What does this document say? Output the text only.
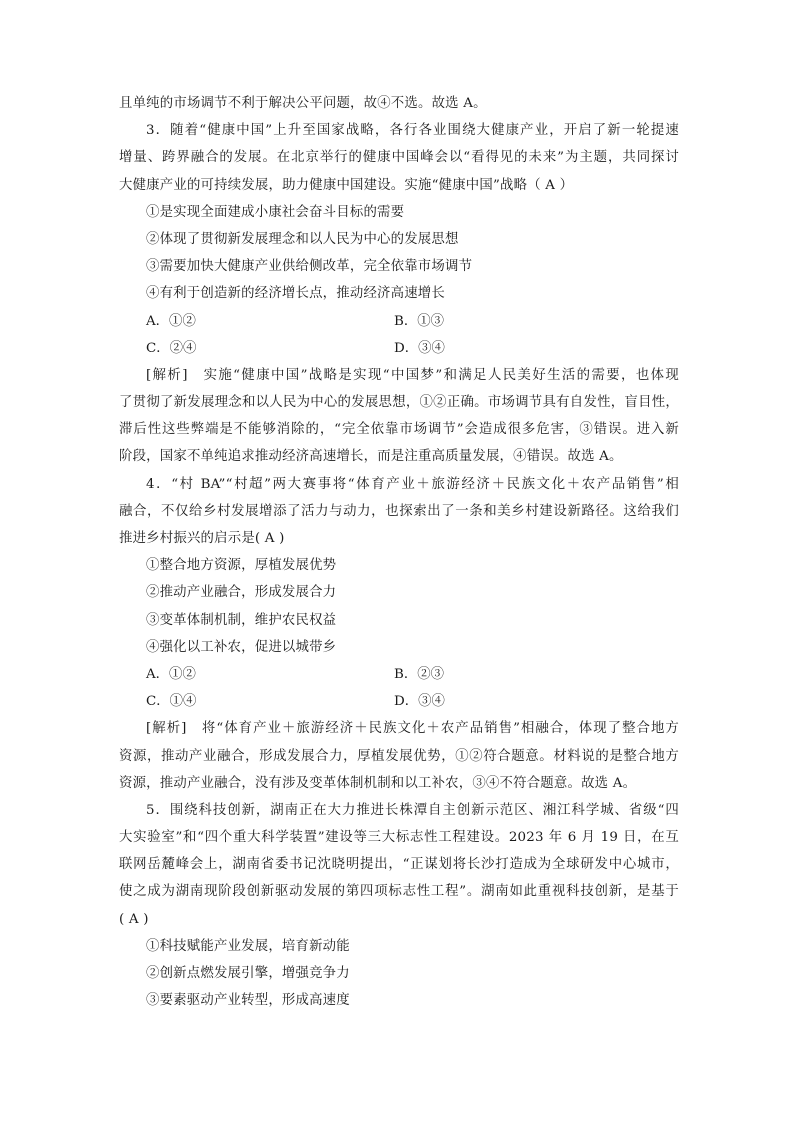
且单纯的市场调节不利于解决公平问题，故④不选。故选 A。
3．随着“健康中国”上升至国家战略，各行各业围绕大健康产业，开启了新一轮提速
增量、跨界融合的发展。在北京举行的健康中国峰会以“看得见的未来”为主题，共同探讨
大健康产业的可持续发展，助力健康中国建设。实施“健康中国”战略（ A ）
①是实现全面建成小康社会奋斗目标的需要
②体现了贯彻新发展理念和以人民为中心的发展思想
③需要加快大健康产业供给侧改革，完全依靠市场调节
④有利于创造新的经济增长点，推动经济高速增长
A．①②	B．①③
C．②④	D．③④
[解析]　实施“健康中国”战略是实现“中国梦”和满足人民美好生活的需要，也体现
了贯彻了新发展理念和以人民为中心的发展思想，①②正确。市场调节具有自发性，盲目性，
滞后性这些弊端是不能够消除的，“完全依靠市场调节”会造成很多危害，③错误。进入新
阶段，国家不单纯追求推动经济高速增长，而是注重高质量发展，④错误。故选 A。
4．“村 BA”“村超”两大赛事将“体育产业＋旅游经济＋民族文化＋农产品销售”相
融合，不仅给乡村发展增添了活力与动力，也探索出了一条和美乡村建设新路径。这给我们
推进乡村振兴的启示是( A )
①整合地方资源，厚植发展优势
②推动产业融合，形成发展合力
③变革体制机制，维护农民权益
④强化以工补农，促进以城带乡
A．①②	B．②③
C．①④	D．③④
[解析]　将“体育产业＋旅游经济＋民族文化＋农产品销售”相融合，体现了整合地方
资源，推动产业融合，形成发展合力，厚植发展优势，①②符合题意。材料说的是整合地方
资源，推动产业融合，没有涉及变革体制机制和以工补农，③④不符合题意。故选 A。
5．围绕科技创新，湖南正在大力推进长株潭自主创新示范区、湘江科学城、省级“四
大实验室”和“四个重大科学装置”建设等三大标志性工程建设。2023 年 6 月 19 日，在互
联网岳麓峰会上，湖南省委书记沈晓明提出，“正谋划将长沙打造成为全球研发中心城市，
使之成为湖南现阶段创新驱动发展的第四项标志性工程”。湖南如此重视科技创新，是基于
( A )
①科技赋能产业发展，培育新动能
②创新点燃发展引擎，增强竞争力
③要素驱动产业转型，形成高速度
